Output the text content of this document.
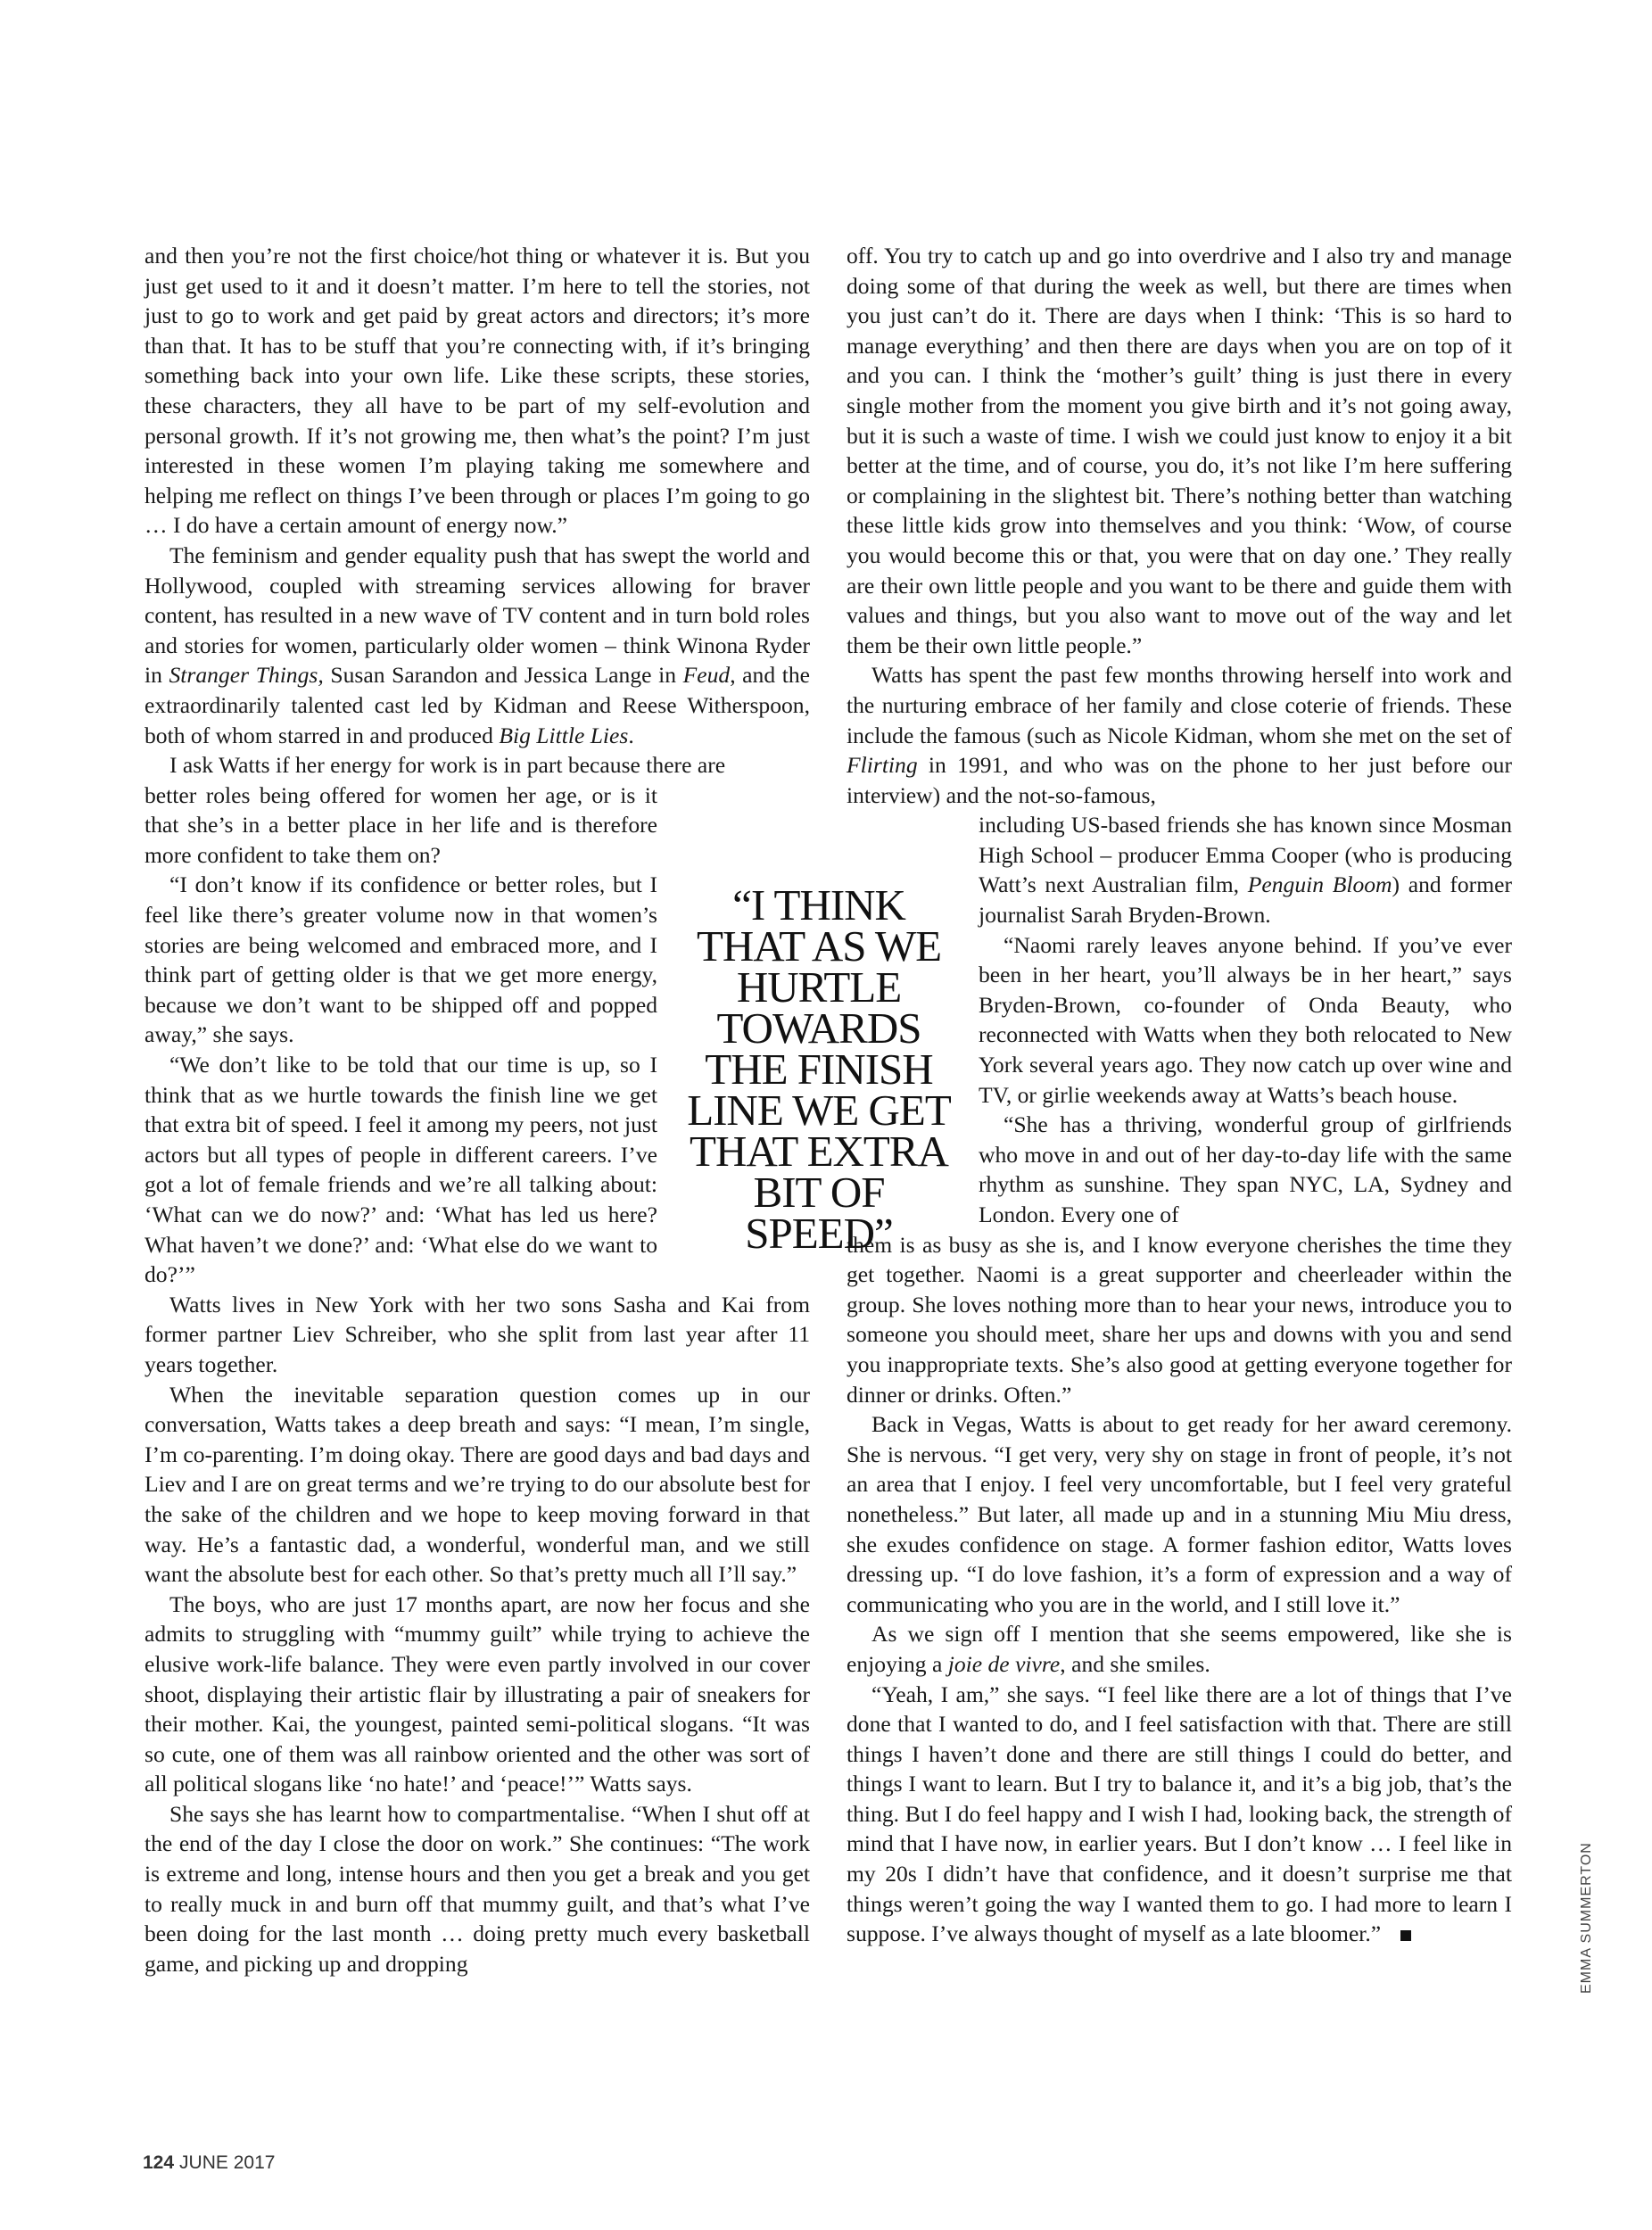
and then you’re not the first choice/hot thing or whatever it is. But you just get used to it and it doesn’t matter. I’m here to tell the stories, not just to go to work and get paid by great actors and directors; it’s more than that. It has to be stuff that you’re connecting with, if it’s bringing something back into your own life. Like these scripts, these stories, these characters, they all have to be part of my self-evolution and personal growth. If it’s not growing me, then what’s the point? I’m just interested in these women I’m playing taking me somewhere and helping me reflect on things I’ve been through or places I’m going to go … I do have a certain amount of energy now.”

The feminism and gender equality push that has swept the world and Hollywood, coupled with streaming services allowing for braver content, has resulted in a new wave of TV content and in turn bold roles and stories for women, particularly older women – think Winona Ryder in Stranger Things, Susan Sarandon and Jessica Lange in Feud, and the extraordinarily talented cast led by Kidman and Reese Witherspoon, both of whom starred in and produced Big Little Lies.

I ask Watts if her energy for work is in part because there are

better roles being offered for women her age, or is it that she’s in a better place in her life and is therefore more confident to take them on?

“I don’t know if its confidence or better roles, but I feel like there’s greater volume now in that women’s stories are being welcomed and embraced more, and I think part of getting older is that we get more energy, because we don’t want to be shipped off and popped away,” she says.

“We don’t like to be told that our time is up, so I think that as we hurtle towards the finish line we get that extra bit of speed. I feel it among my peers, not just actors but all types of people in different careers. I’ve got a lot of female friends and we’re all talking about: ‘What can we do now?’ and: ‘What has led us here? What haven’t we done?’ and: ‘What else do we want to do?’”

Watts lives in New York with her two sons Sasha and Kai from former partner Liev Schreiber, who she split from last year after 11 years together.

When the inevitable separation question comes up in our conversation, Watts takes a deep breath and says: “I mean, I’m single, I’m co-parenting. I’m doing okay. There are good days and bad days and Liev and I are on great terms and we’re trying to do our absolute best for the sake of the children and we hope to keep moving forward in that way. He’s a fantastic dad, a wonderful, wonderful man, and we still want the absolute best for each other. So that’s pretty much all I’ll say.”

The boys, who are just 17 months apart, are now her focus and she admits to struggling with “mummy guilt” while trying to achieve the elusive work-life balance. They were even partly involved in our cover shoot, displaying their artistic flair by illustrating a pair of sneakers for their mother. Kai, the youngest, painted semi-political slogans. “It was so cute, one of them was all rainbow oriented and the other was sort of all political slogans like ‘no hate!’ and ‘peace!’” Watts says.

She says she has learnt how to compartmentalise. “When I shut off at the end of the day I close the door on work.” She continues: “The work is extreme and long, intense hours and then you get a break and you get to really muck in and burn off that mummy guilt, and that’s what I’ve been doing for the last month … doing pretty much every basketball game, and picking up and dropping

off. You try to catch up and go into overdrive and I also try and manage doing some of that during the week as well, but there are times when you just can’t do it. There are days when I think: ‘This is so hard to manage everything’ and then there are days when you are on top of it and you can. I think the ‘mother’s guilt’ thing is just there in every single mother from the moment you give birth and it’s not going away, but it is such a waste of time. I wish we could just know to enjoy it a bit better at the time, and of course, you do, it’s not like I’m here suffering or complaining in the slightest bit. There’s nothing better than watching these little kids grow into themselves and you think: ‘Wow, of course you would become this or that, you were that on day one.’ They really are their own little people and you want to be there and guide them with values and things, but you also want to move out of the way and let them be their own little people.”

Watts has spent the past few months throwing herself into work and the nurturing embrace of her family and close coterie of friends. These include the famous (such as Nicole Kidman, whom she met on the set of Flirting in 1991, and who was on the phone to her just before our interview) and the not-so-famous,

including US-based friends she has known since Mosman High School – producer Emma Cooper (who is producing Watt’s next Australian film, Penguin Bloom) and former journalist Sarah Bryden-Brown.

“Naomi rarely leaves anyone behind. If you’ve ever been in her heart, you’ll always be in her heart,” says Bryden-Brown, co-founder of Onda Beauty, who reconnected with Watts when they both relocated to New York several years ago. They now catch up over wine and TV, or girlie weekends away at Watts’s beach house.

“She has a thriving, wonderful group of girlfriends who move in and out of her day-to-day life with the same rhythm as sunshine. They span NYC, LA, Sydney and London. Every one of

them is as busy as she is, and I know everyone cherishes the time they get together. Naomi is a great supporter and cheerleader within the group. She loves nothing more than to hear your news, introduce you to someone you should meet, share her ups and downs with you and send you inappropriate texts. She’s also good at getting everyone together for dinner or drinks. Often.”

Back in Vegas, Watts is about to get ready for her award ceremony. She is nervous. “I get very, very shy on stage in front of people, it’s not an area that I enjoy. I feel very uncomfortable, but I feel very grateful nonetheless.” But later, all made up and in a stunning Miu Miu dress, she exudes confidence on stage. A former fashion editor, Watts loves dressing up. “I do love fashion, it’s a form of expression and a way of communicating who you are in the world, and I still love it.”

As we sign off I mention that she seems empowered, like she is enjoying a joie de vivre, and she smiles.

“Yeah, I am,” she says. “I feel like there are a lot of things that I’ve done that I wanted to do, and I feel satisfaction with that. There are still things I haven’t done and there are still things I could do better, and things I want to learn. But I try to balance it, and it’s a big job, that’s the thing. But I do feel happy and I wish I had, looking back, the strength of mind that I have now, in earlier years. But I don’t know … I feel like in my 20s I didn’t have that confidence, and it doesn’t surprise me that things weren’t going the way I wanted them to go. I had more to learn I suppose. I’ve always thought of myself as a late bloomer.”

“I THINK THAT AS WE HURTLE TOWARDS THE FINISH LINE WE GET THAT EXTRA BIT OF SPEED”
124 JUNE 2017
EMMA SUMMERTON
